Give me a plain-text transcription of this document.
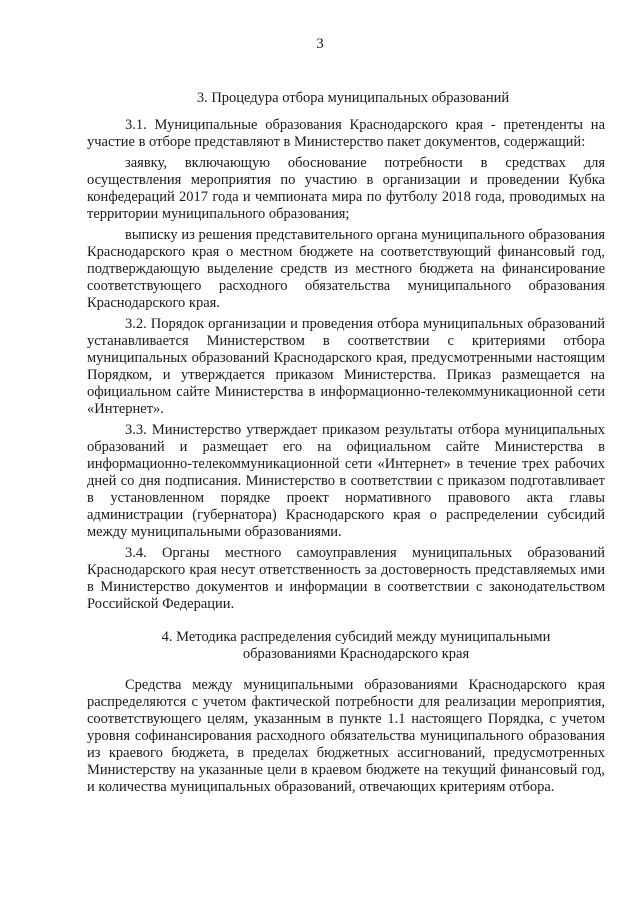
3
3. Процедура отбора муниципальных образований

3.1. Муниципальные образования Краснодарского края - претенденты на участие в отборе представляют в Министерство пакет документов, содержащий:

заявку, включающую обоснование потребности в средствах для осуществления мероприятия по участию в организации и проведении Кубка конфедераций 2017 года и чемпионата мира по футболу 2018 года, проводимых на территории муниципального образования;

выписку из решения представительного органа муниципального образования Краснодарского края о местном бюджете на соответствующий финансовый год, подтверждающую выделение средств из местного бюджета на финансирование соответствующего расходного обязательства муниципального образования Краснодарского края.

3.2. Порядок организации и проведения отбора муниципальных образований устанавливается Министерством в соответствии с критериями отбора муниципальных образований Краснодарского края, предусмотренными настоящим Порядком, и утверждается приказом Министерства. Приказ размещается на официальном сайте Министерства в информационно-телекоммуникационной сети «Интернет».

3.3. Министерство утверждает приказом результаты отбора муниципальных образований и размещает его на официальном сайте Министерства в информационно-телекоммуникационной сети «Интернет» в течение трех рабочих дней со дня подписания. Министерство в соответствии с приказом подготавливает в установленном порядке проект нормативного правового акта главы администрации (губернатора) Краснодарского края о распределении субсидий между муниципальными образованиями.

3.4. Органы местного самоуправления муниципальных образований Краснодарского края несут ответственность за достоверность представляемых ими в Министерство документов и информации в соответствии с законодательством Российской Федерации.

4. Методика распределения субсидий между муниципальными
образованиями Краснодарского края

Средства между муниципальными образованиями Краснодарского края распределяются с учетом фактической потребности для реализации мероприятия, соответствующего целям, указанным в пункте 1.1 настоящего Порядка, с учетом уровня софинансирования расходного обязательства муниципального образования из краевого бюджета, в пределах бюджетных ассигнований, предусмотренных Министерству на указанные цели в краевом бюджете на текущий финансовый год, и количества муниципальных образований, отвечающих критериям отбора.
